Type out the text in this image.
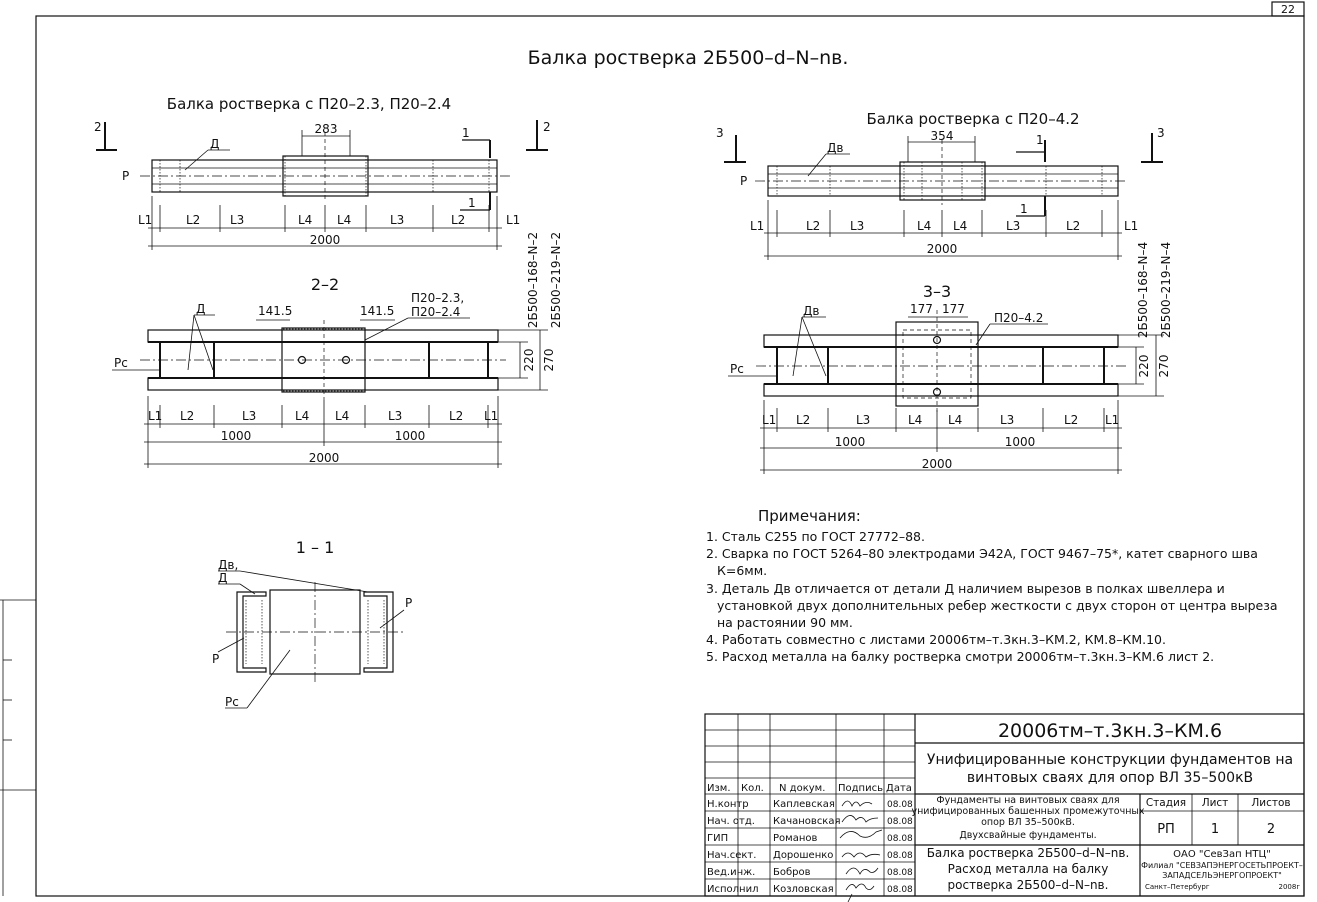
22
Балка ростверка 2Б500–d–N–nв.
Балка ростверка с П20–2.3, П20–2.4
2	2
1
1
283
Д
Р
L1	L2 L3	L4 L4	L3	L2	L1
2000
2–2
Д	141.5	141.5
П20–2.3,
П20–2.4
Рс	220 270
2Б500–168–N–2 2Б500–219–N–2
L1 L2	L3	L4 L4	L3	L2 L1
1000	1000
2000
Балка ростверка с П20–4.2
3	3
1
1
354
Дв
Р
L1	L2 L3	L4 L4	L3	L2	L1
2000
3–3
Дв	177 177
П20–4.2
Рс	220 270
2Б500–168–N–4 2Б500–219–N–4
L1 L2	L3	L4 L4	L3	L2 L1
1000	1000
2000
1 – 1
Дв,
Д
Р
Р
Рс
20006тм–т.3кн.3–КМ.6
Унифицированные конструкции фундаментов на
винтовых сваях для опор ВЛ 35–500кВ
Изм. Кол. N докум. Подпись Дата
Н.контр Каплевская	08.08
Нач. отд. Качановская	08.08
ГИП	Романов	08.08
Нач.сект. Дорошенко	08.08
Вед.инж. Бобров	08.08
Исполнил Козловская	08.08
Фундаменты на винтовых сваях для
унифицированных башенных промежуточных
опор ВЛ 35–500кВ.
Двухсвайные фундаменты.
Балка ростверка 2Б500–d–N–nв.
Расход металла на балку
ростверка 2Б500–d–N–nв.
Стадия Лист Листов
РП	1	2
ОАО "СевЗап НТЦ"
Филиал "СЕВЗАПЭНЕРГОСЕТЬПРОЕКТ–
ЗАПАДСЕЛЬЭНЕРГОПРОЕКТ"
Санкт–Петербург	2008г
Примечания:
1. Сталь С255 по ГОСТ 27772–88.
2. Сварка по ГОСТ 5264–80 электродами Э42А, ГОСТ 9467–75*, катет сварного шва
К=6мм.
3. Деталь Дв отличается от детали Д наличием вырезов в полках швеллера и
установкой двух дополнительных ребер жесткости с двух сторон от центра выреза
на растоянии 90 мм.
4. Работать совместно с листами 20006тм–т.3кн.3–КМ.2, КМ.8–КМ.10.
5. Расход металла на балку ростверка смотри 20006тм–т.3кн.3–КМ.6 лист 2.
